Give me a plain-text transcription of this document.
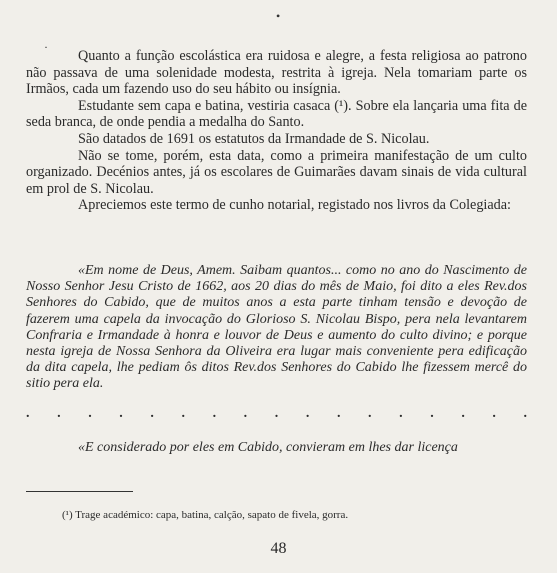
•
·

Quanto a função escolástica era ruidosa e alegre, a festa religiosa ao patrono não passava de uma solenidade modesta, restrita à igreja. Nela tomariam parte os Irmãos, cada um fazendo uso do seu hábito ou insígnia.

Estudante sem capa e batina, vestiria casaca (¹). Sobre ela lançaria uma fita de seda branca, de onde pendia a medalha do Santo.

São datados de 1691 os estatutos da Irmandade de S. Nicolau.

Não se tome, porém, esta data, como a primeira manifestação de um culto organizado. Decénios antes, já os escolares de Guimarães davam sinais de vida cultural em prol de S. Nicolau.

Apreciemos este termo de cunho notarial, registado nos livros da Colegiada:

«Em nome de Deus, Amem. Saibam quantos... como no ano do Nascimento de Nosso Senhor Jesu Cristo de 1662, aos 20 dias do mês de Maio, foi dito a eles Rev.dos Senhores do Cabido, que de muitos anos a esta parte tinham tensão e devoção de fazerem uma capela da invocação do Glorioso S. Nicolau Bispo, pera nela levantarem Confraria e Irmandade à honra e louvor de Deus e aumento do culto divino; e porque nesta igreja de Nossa Senhora da Oliveira era lugar mais conveniente pera edificação da dita capela, lhe pediam ôs ditos Rev.dos Senhores do Cabido lhe fizessem mercê do sitio pera ela.

. . . . . . . . . . . . . . . . .

«E considerado por eles em Cabido, convieram em lhes dar licença

(¹) Trage académico: capa, batina, calção, sapato de fivela, gorra.
48
